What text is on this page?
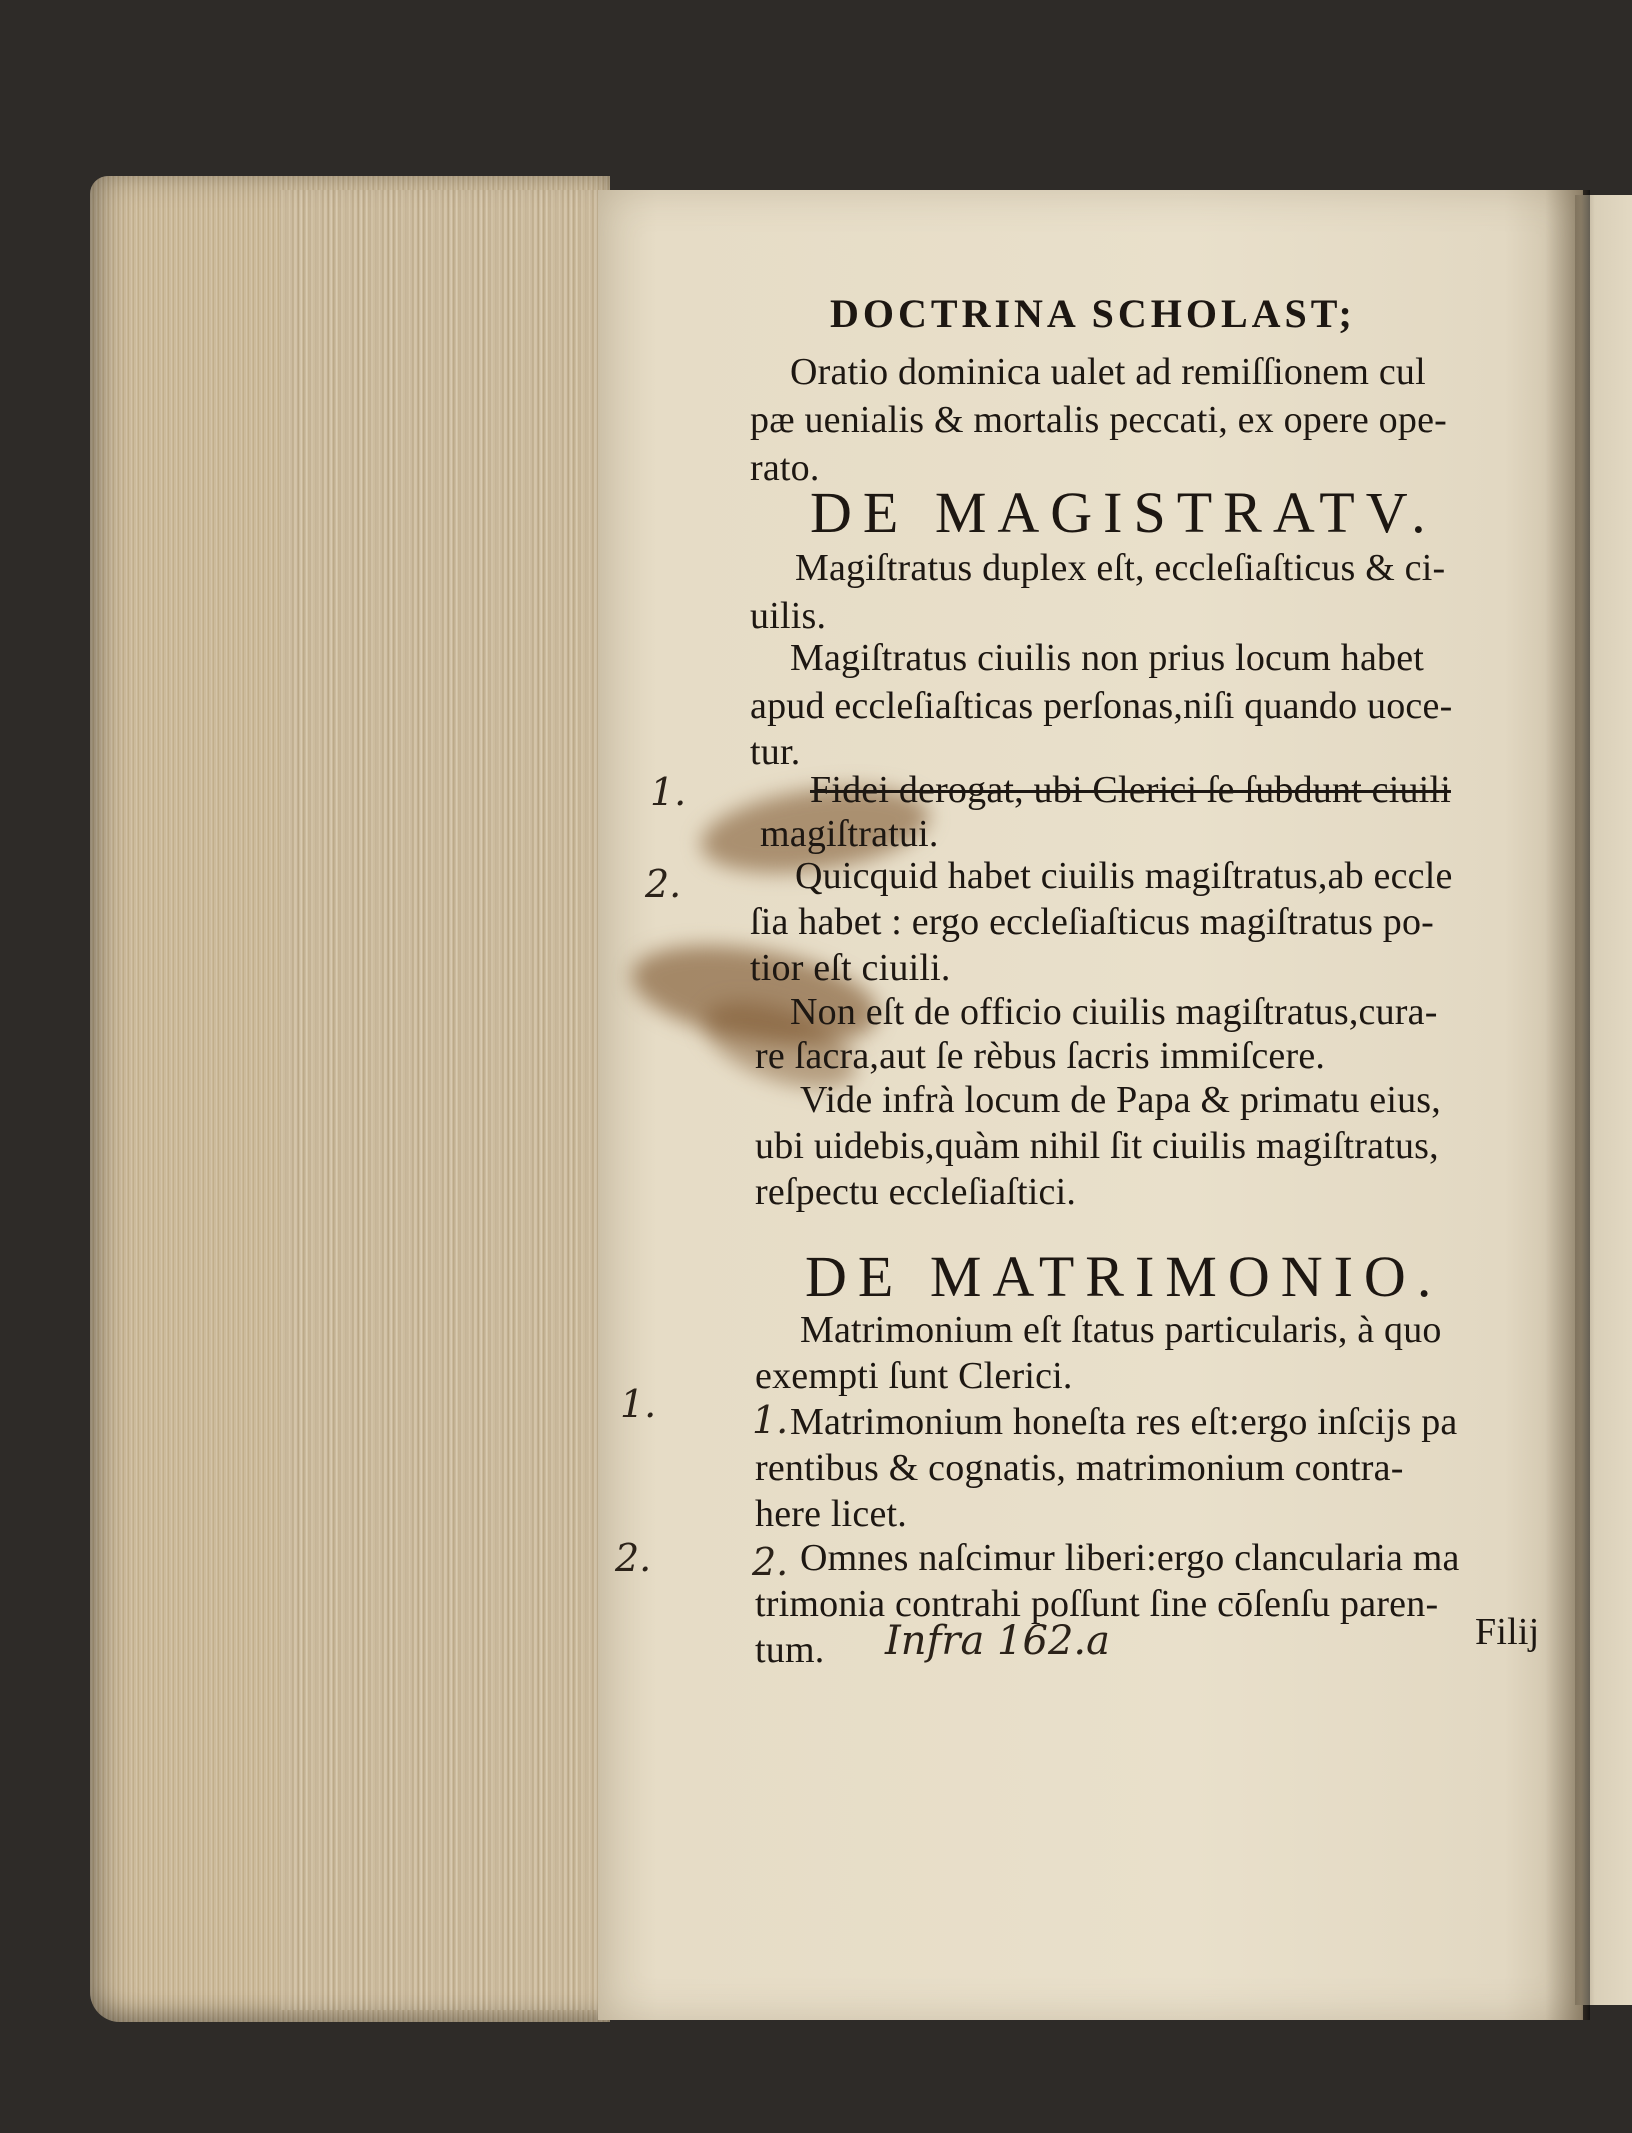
DOCTRINA SCHOLAST;
Oratio dominica ualet ad remiſſionem cul
pæ uenialis & mortalis peccati, ex opere ope-
rato.
DE MAGISTRATV.
Magiſtratus duplex eſt, eccleſiaſticus & ci-
uilis.
Magiſtratus ciuilis non prius locum habet
apud eccleſiaſticas perſonas,niſi quando uoce-
tur.
Fidei derogat, ubi Clerici ſe ſubdunt ciuili
magiſtratui.
Quicquid habet ciuilis magiſtratus,ab eccle
ſia habet : ergo eccleſiaſticus magiſtratus po-
tior eſt ciuili.
Non eſt de officio ciuilis magiſtratus,cura-
re ſacra,aut ſe rèbus ſacris immiſcere.
Vide infrà locum de Papa & primatu eius,
ubi uidebis,quàm nihil ſit ciuilis magiſtratus,
reſpectu eccleſiaſtici.
DE MATRIMONIO.
Matrimonium eſt ſtatus particularis, à quo
exempti ſunt Clerici.
Matrimonium honeſta res eſt:ergo inſcijs pa
rentibus & cognatis, matrimonium contra-
here licet.
Omnes naſcimur liberi:ergo clancularia ma
trimonia contrahi poſſunt ſine cōſenſu paren-
tum. Infra 162.a	Filij
1.
2.
1.	1.
2.	2.
